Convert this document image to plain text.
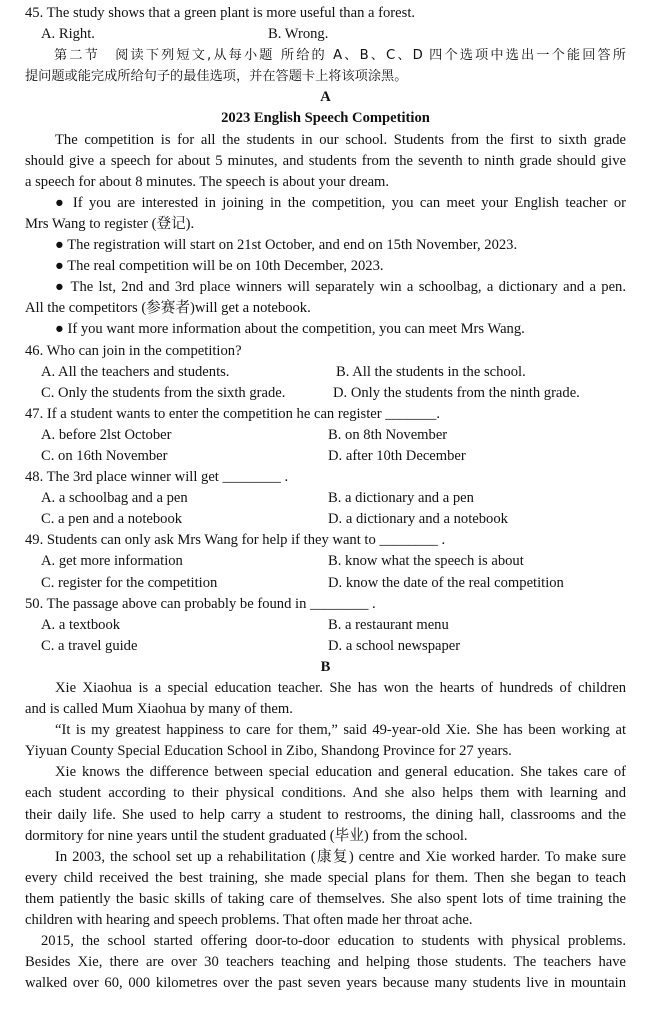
45. The study shows that a green plant is more useful than a forest.
A. Right.	B. Wrong.
第二节　阅读下列短文,从每小题 所给的 A、B、C、D 四个选项中选出一个能回答所
提问题或能完成所给句子的最佳选项，并在答题卡上将该项涂黑。
A
2023 English Speech Competition
The competition is for all the students in our school. Students from the first to sixth grade
should give a speech for about 5 minutes, and students from the seventh to ninth grade should give
a speech for about 8 minutes. The speech is about your dream.
● If you are interested in joining in the competition, you can meet your English teacher or
Mrs Wang to register (登记).
● The registration will start on 21st October, and end on 15th November, 2023.
● The real competition will be on 10th December, 2023.
● The lst, 2nd and 3rd place winners will separately win a schoolbag, a dictionary and a pen.
All the competitors (参赛者)will get a notebook.
● If you want more information about the competition, you can meet Mrs Wang.
46. Who can join in the competition?
A. All the teachers and students.	B. All the students in the school.
C. Only the students from the sixth grade.	D. Only the students from the ninth grade.
47. If a student wants to enter the competition he can register _______.
A. before 2lst October	B. on 8th November
C. on 16th November	D. after 10th December
48. The 3rd place winner will get ________ .
A. a schoolbag and a pen	B. a dictionary and a pen
C. a pen and a notebook	D. a dictionary and a notebook
49. Students can only ask Mrs Wang for help if they want to ________ .
A. get more information	B. know what the speech is about
C. register for the competition	D. know the date of the real competition
50. The passage above can probably be found in ________ .
A. a textbook	B. a restaurant menu
C. a travel guide	D. a school newspaper
B
Xie Xiaohua is a special education teacher. She has won the hearts of hundreds of children
and is called Mum Xiaohua by many of them.
“It is my greatest happiness to care for them,” said 49-year-old Xie. She has been working at
Yiyuan County Special Education School in Zibo, Shandong Province for 27 years.
Xie knows the difference between special education and general education. She takes care of
each student according to their physical conditions. And she also helps them with learning and
their daily life. She used to help carry a student to restrooms, the dining hall, classrooms and the
dormitory for nine years until the student graduated (毕业) from the school.
In 2003, the school set up a rehabilitation (康复) centre and Xie worked harder. To make sure
every child received the best training, she made special plans for them. Then she began to teach
them patiently the basic skills of taking care of themselves. She also spent lots of time training the
children with hearing and speech problems. That often made her throat ache.
2015, the school started offering door-to-door education to students with physical problems.
Besides Xie, there are over 30 teachers teaching and helping those students. The teachers have
walked over 60, 000 kilometres over the past seven years because many students live in mountain
